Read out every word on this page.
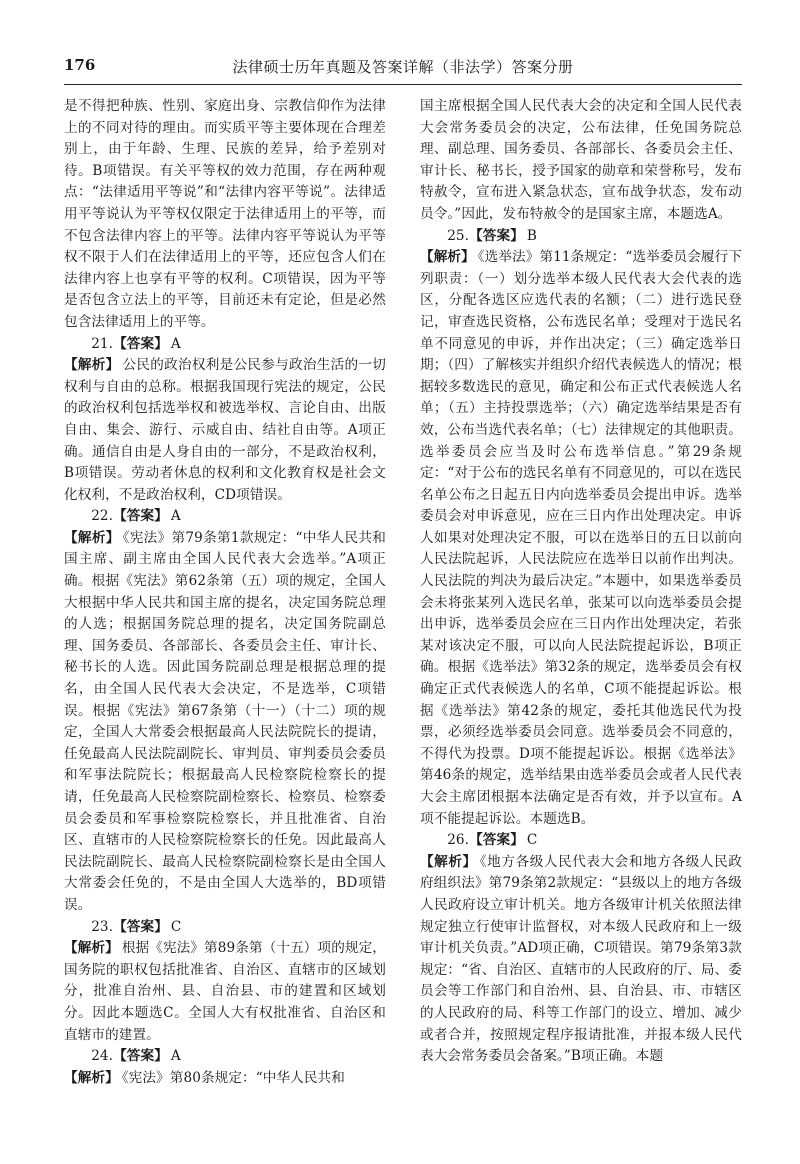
176	法律硕士历年真题及答案详解（非法学）答案分册

是不得把种族、性别、家庭出身、宗教信仰作为法律上的不同对待的理由。而实质平等主要体现在合理差别上，由于年龄、生理、民族的差异，给予差别对待。B项错误。有关平等权的效力范围，存在两种观点：“法律适用平等说”和“法律内容平等说”。法律适用平等说认为平等权仅限定于法律适用上的平等，而不包含法律内容上的平等。法律内容平等说认为平等权不限于人们在法律适用上的平等，还应包含人们在法律内容上也享有平等的权利。C项错误，因为平等是否包含立法上的平等，目前还未有定论，但是必然包含法律适用上的平等。

21.【答案】 A

【解析】 公民的政治权利是公民参与政治生活的一切权利与自由的总称。根据我国现行宪法的规定，公民的政治权利包括选举权和被选举权、言论自由、出版自由、集会、游行、示威自由、结社自由等。A项正确。通信自由是人身自由的一部分，不是政治权利，B项错误。劳动者休息的权利和文化教育权是社会文化权利，不是政治权利，CD项错误。

22.【答案】 A

【解析】 《宪法》第79条第1款规定：“中华人民共和国主席、副主席由全国人民代表大会选举。”A项正确。根据《宪法》第62条第（五）项的规定，全国人大根据中华人民共和国主席的提名，决定国务院总理的人选；根据国务院总理的提名，决定国务院副总理、国务委员、各部部长、各委员会主任、审计长、秘书长的人选。因此国务院副总理是根据总理的提名，由全国人民代表大会决定，不是选举，C项错误。根据《宪法》第67条第（十一）（十二）项的规定，全国人大常委会根据最高人民法院院长的提请，任免最高人民法院副院长、审判员、审判委员会委员和军事法院院长；根据最高人民检察院检察长的提请，任免最高人民检察院副检察长、检察员、检察委员会委员和军事检察院检察长，并且批准省、自治区、直辖市的人民检察院检察长的任免。因此最高人民法院副院长、最高人民检察院副检察长是由全国人大常委会任免的，不是由全国人大选举的，BD项错误。

23.【答案】 C

【解析】 根据《宪法》第89条第（十五）项的规定，国务院的职权包括批准省、自治区、直辖市的区域划分，批准自治州、县、自治县、市的建置和区域划分。因此本题选C。全国人大有权批准省、自治区和直辖市的建置。

24.【答案】 A

【解析】 《宪法》第80条规定：“中华人民共和

国主席根据全国人民代表大会的决定和全国人民代表大会常务委员会的决定，公布法律，任免国务院总理、副总理、国务委员、各部部长、各委员会主任、审计长、秘书长，授予国家的勋章和荣誉称号，发布特赦令，宣布进入紧急状态，宣布战争状态，发布动员令。”因此，发布特赦令的是国家主席，本题选A。

25.【答案】 B

【解析】 《选举法》第11条规定：“选举委员会履行下列职责：（一）划分选举本级人民代表大会代表的选区，分配各选区应选代表的名额；（二）进行选民登记，审查选民资格，公布选民名单；受理对于选民名单不同意见的申诉，并作出决定；（三）确定选举日期；（四）了解核实并组织介绍代表候选人的情况；根据较多数选民的意见，确定和公布正式代表候选人名单；（五）主持投票选举；（六）确定选举结果是否有效，公布当选代表名单；（七）法律规定的其他职责。选举委员会应当及时公布选举信息。”第29条规定：“对于公布的选民名单有不同意见的，可以在选民名单公布之日起五日内向选举委员会提出申诉。选举委员会对申诉意见，应在三日内作出处理决定。申诉人如果对处理决定不服，可以在选举日的五日以前向人民法院起诉，人民法院应在选举日以前作出判决。人民法院的判决为最后决定。”本题中，如果选举委员会未将张某列入选民名单，张某可以向选举委员会提出申诉，选举委员会应在三日内作出处理决定，若张某对该决定不服，可以向人民法院提起诉讼，B项正确。根据《选举法》第32条的规定，选举委员会有权确定正式代表候选人的名单，C项不能提起诉讼。根据《选举法》第42条的规定，委托其他选民代为投票，必须经选举委员会同意。选举委员会不同意的，不得代为投票。D项不能提起诉讼。根据《选举法》第46条的规定，选举结果由选举委员会或者人民代表大会主席团根据本法确定是否有效，并予以宣布。A项不能提起诉讼。本题选B。

26.【答案】 C

【解析】 《地方各级人民代表大会和地方各级人民政府组织法》第79条第2款规定：“县级以上的地方各级人民政府设立审计机关。地方各级审计机关依照法律规定独立行使审计监督权，对本级人民政府和上一级审计机关负责。”AD项正确，C项错误。第79条第3款规定：“省、自治区、直辖市的人民政府的厅、局、委员会等工作部门和自治州、县、自治县、市、市辖区的人民政府的局、科等工作部门的设立、增加、减少或者合并，按照规定程序报请批准，并报本级人民代表大会常务委员会备案。”B项正确。本题
